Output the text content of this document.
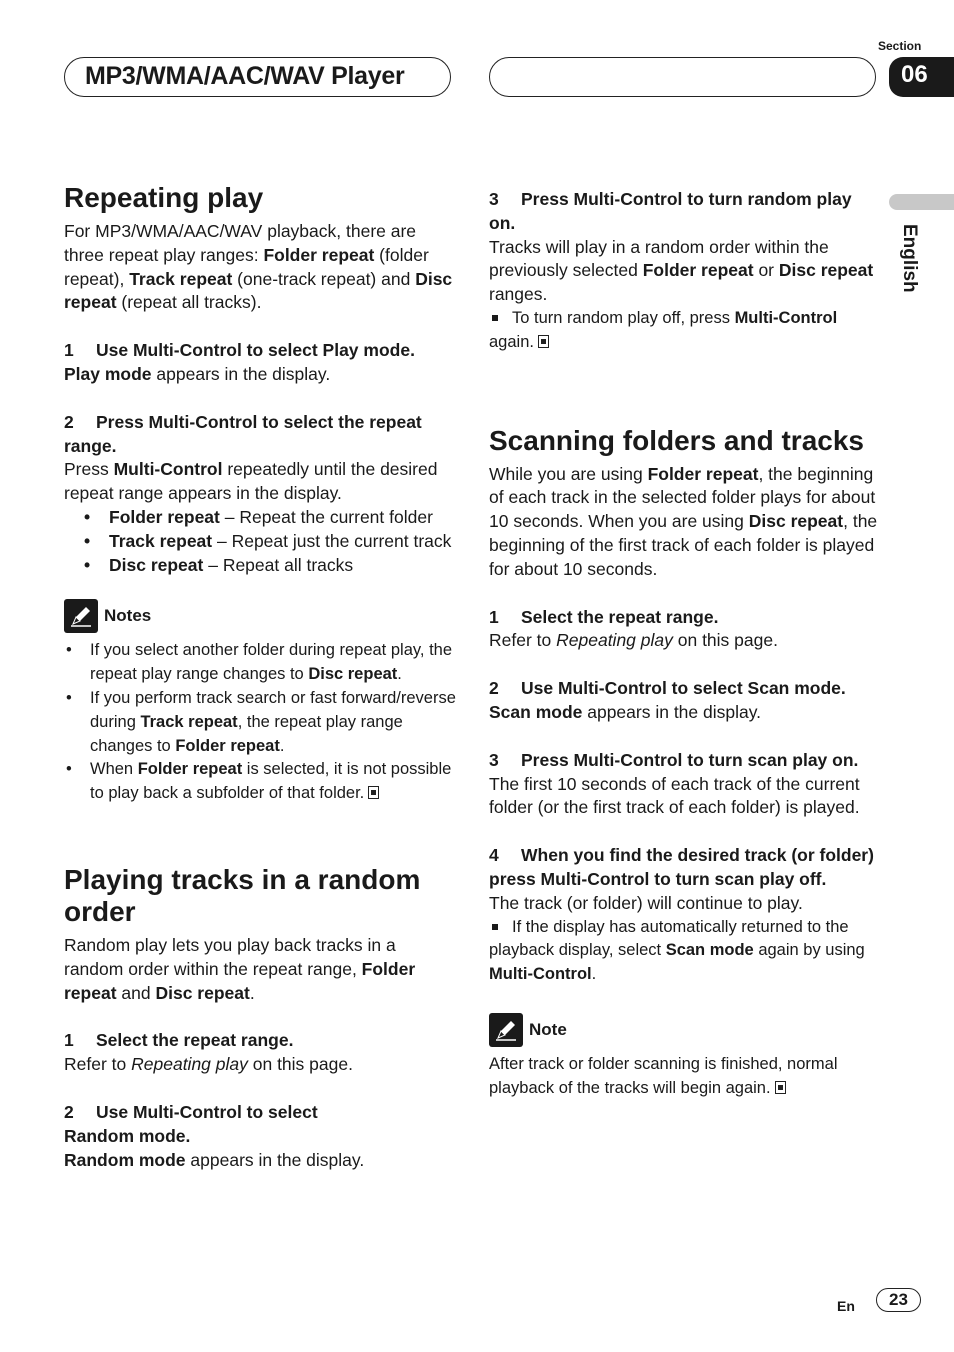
MP3/WMA/AAC/WAV Player
Section
06
English
Repeating play

For MP3/WMA/AAC/WAV playback, there are three repeat play ranges: Folder repeat (folder repeat), Track repeat (one-track repeat) and Disc repeat (repeat all tracks).

1 Use Multi-Control to select Play mode.

Play mode appears in the display.

2 Press Multi-Control to select the repeat range.

Press Multi-Control repeatedly until the desired repeat range appears in the display.

• Folder repeat – Repeat the current folder
• Track repeat – Repeat just the current track
• Disc repeat – Repeat all tracks
Notes
• If you select another folder during repeat play, the repeat play range changes to Disc repeat.
• If you perform track search or fast forward/reverse during Track repeat, the repeat play range changes to Folder repeat.
• When Folder repeat is selected, it is not possible to play back a subfolder of that folder.
Playing tracks in a random order

Random play lets you play back tracks in a random order within the repeat range, Folder repeat and Disc repeat.

1 Select the repeat range.

Refer to Repeating play on this page.

2 Use Multi-Control to select
Random mode.

Random mode appears in the display.

3 Press Multi-Control to turn random play on.

Tracks will play in a random order within the previously selected Folder repeat or Disc repeat ranges.

To turn random play off, press Multi-Control again.

Scanning folders and tracks

While you are using Folder repeat, the beginning of each track in the selected folder plays for about 10 seconds. When you are using Disc repeat, the beginning of the first track of each folder is played for about 10 seconds.

1 Select the repeat range.

Refer to Repeating play on this page.

2 Use Multi-Control to select Scan mode.

Scan mode appears in the display.

3 Press Multi-Control to turn scan play on.

The first 10 seconds of each track of the current folder (or the first track of each folder) is played.

4 When you find the desired track (or folder) press Multi-Control to turn scan play off.

The track (or folder) will continue to play.

If the display has automatically returned to the playback display, select Scan mode again by using Multi-Control.

Note

After track or folder scanning is finished, normal playback of the tracks will begin again.

En	23
